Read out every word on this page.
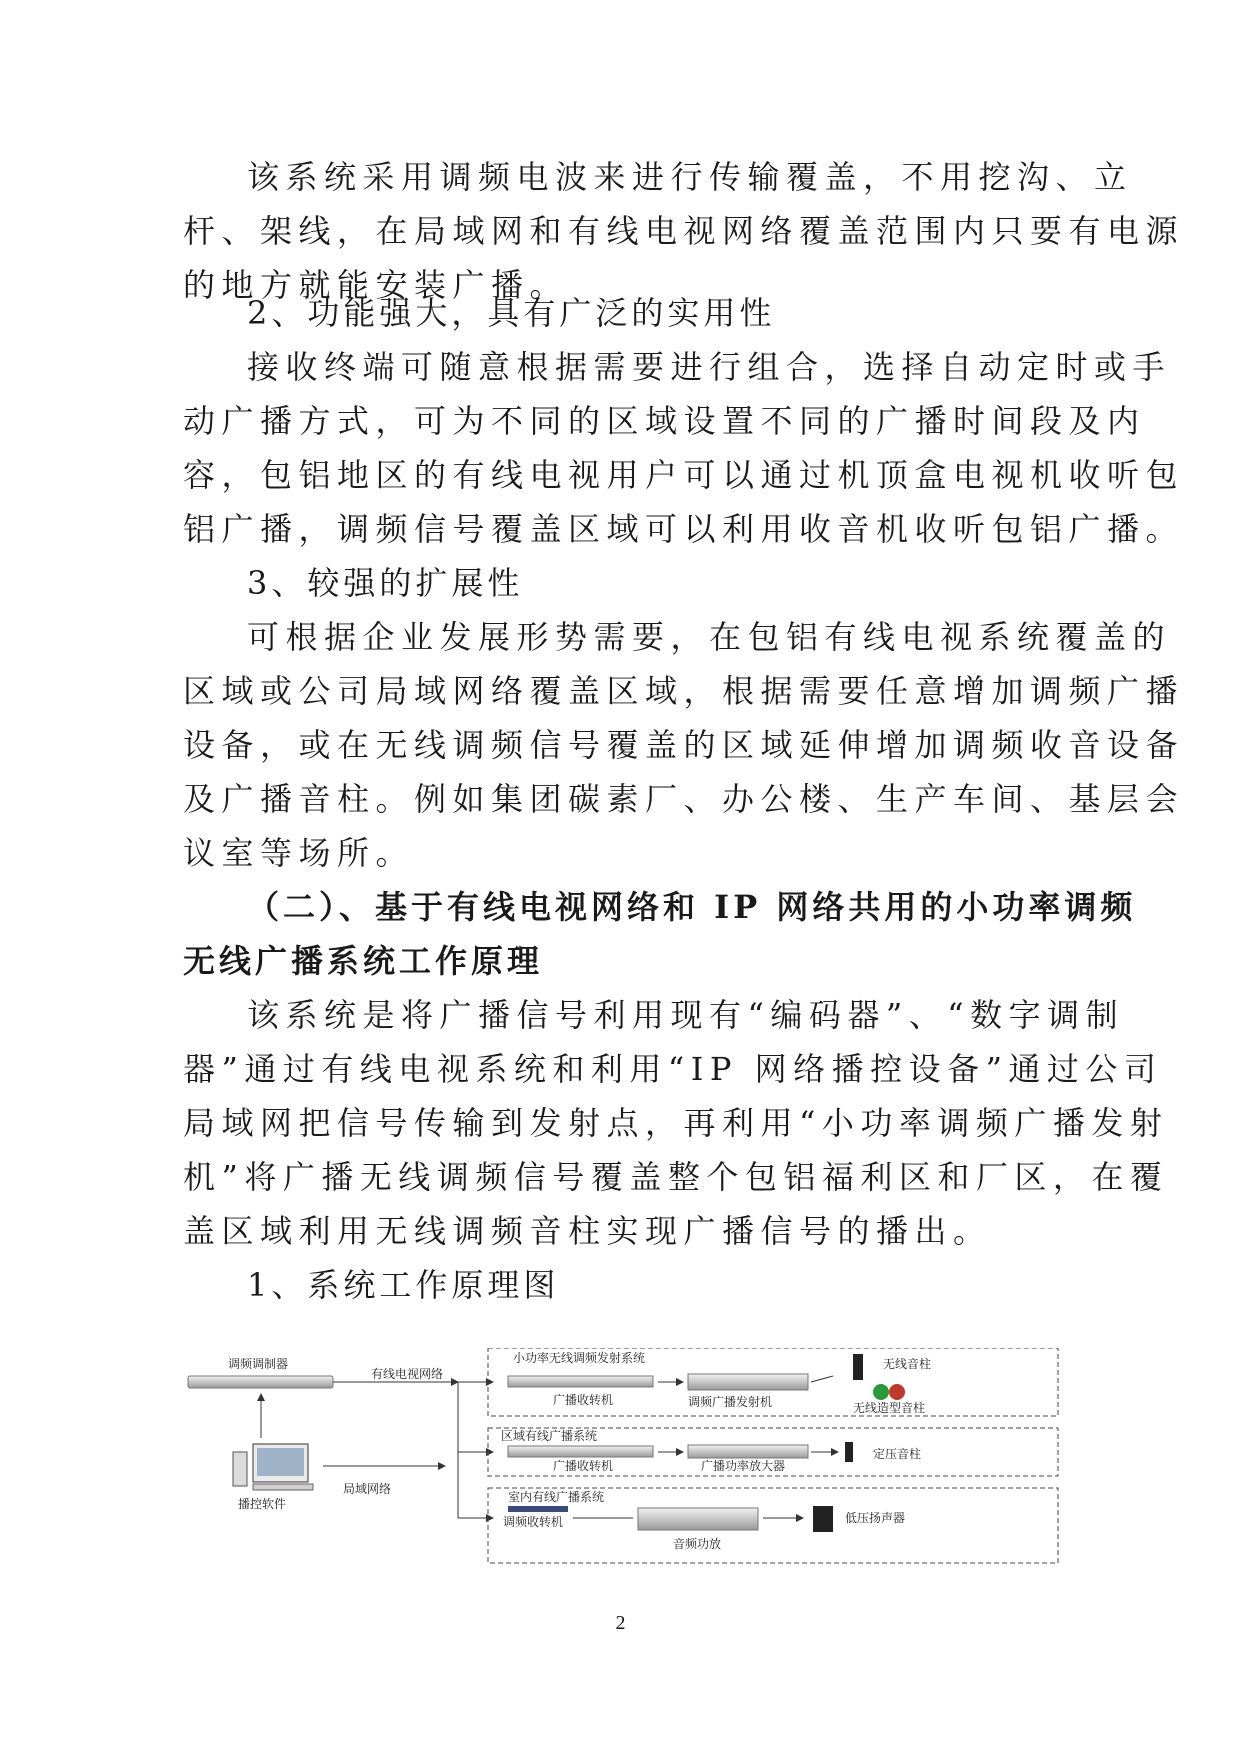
该系统采用调频电波来进行传输覆盖，不用挖沟、立
杆、架线，在局域网和有线电视网络覆盖范围内只要有电源
的地方就能安装广播。

2、功能强大，具有广泛的实用性

接收终端可随意根据需要进行组合，选择自动定时或手
动广播方式，可为不同的区域设置不同的广播时间段及内
容，包铝地区的有线电视用户可以通过机顶盒电视机收听包
铝广播，调频信号覆盖区域可以利用收音机收听包铝广播。

3、较强的扩展性

可根据企业发展形势需要，在包铝有线电视系统覆盖的
区域或公司局域网络覆盖区域，根据需要任意增加调频广播
设备，或在无线调频信号覆盖的区域延伸增加调频收音设备
及广播音柱。例如集团碳素厂、办公楼、生产车间、基层会
议室等场所。

（二）、基于有线电视网络和 IP 网络共用的小功率调频
无线广播系统工作原理

该系统是将广播信号利用现有“编码器”、“数字调制
器”通过有线电视系统和利用“IP 网络播控设备”通过公司
局域网把信号传输到发射点，再利用“小功率调频广播发射
机”将广播无线调频信号覆盖整个包铝福利区和厂区，在覆
盖区域利用无线调频音柱实现广播信号的播出。

1、系统工作原理图

调频调制器
有线电视网络
播控软件
局域网络
小功率无线调频发射系统
广播收转机	调频广播发射机
无线音柱
无线造型音柱
区域有线广播系统
广播收转机	广播功率放大器
定压音柱
室内有线广播系统
调频收转机
音频功放
低压扬声器
2
